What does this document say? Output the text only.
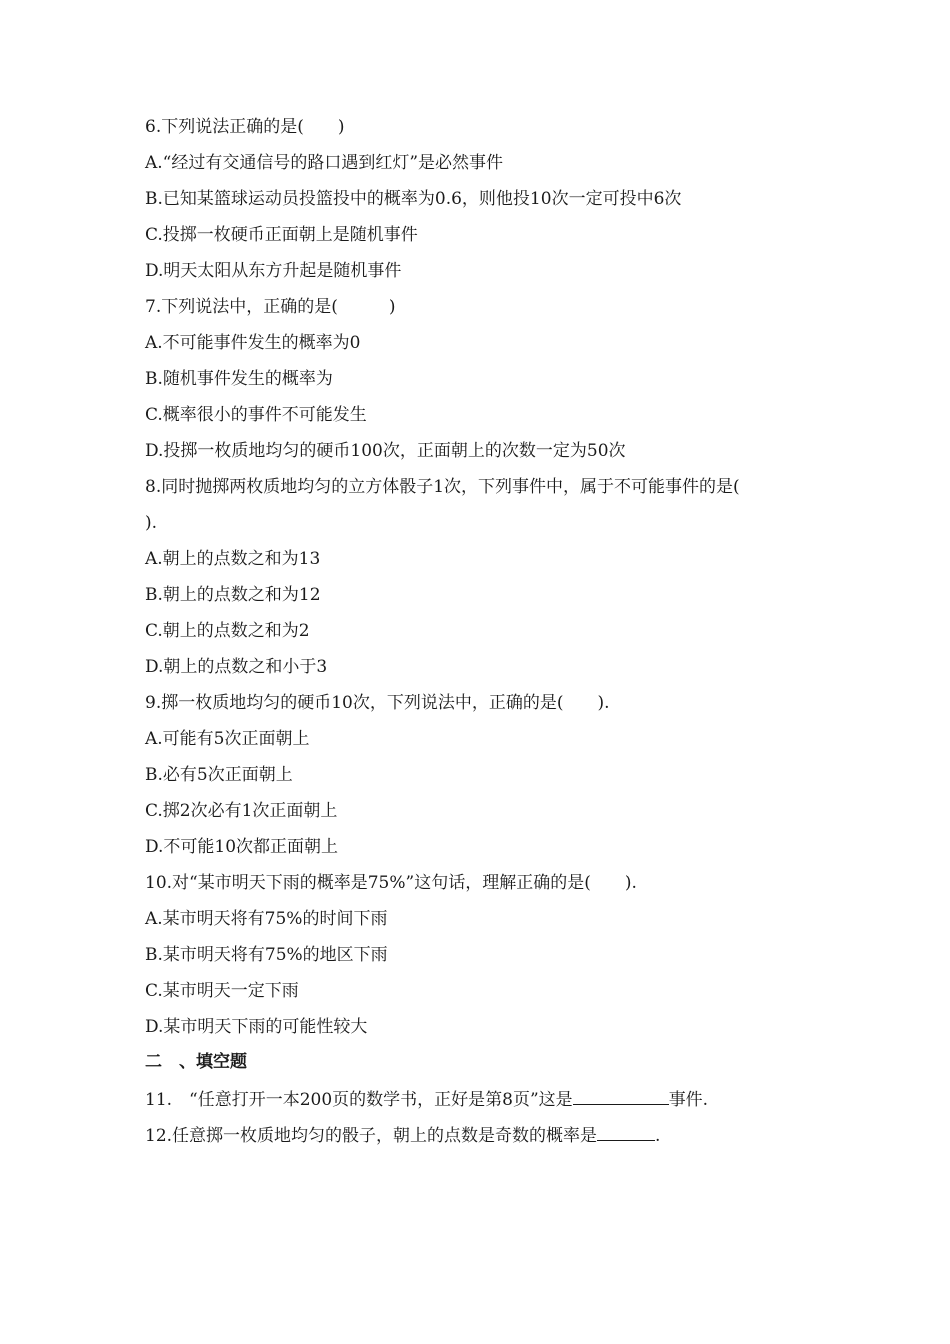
6.下列说法正确的是(　　)
A.“经过有交通信号的路口遇到红灯”是必然事件
B.已知某篮球运动员投篮投中的概率为0.6，则他投10次一定可投中6次
C.投掷一枚硬币正面朝上是随机事件
D.明天太阳从东方升起是随机事件
7.下列说法中，正确的是(　　　)
A.不可能事件发生的概率为0
B.随机事件发生的概率为
C.概率很小的事件不可能发生
D.投掷一枚质地均匀的硬币100次，正面朝上的次数一定为50次
8.同时抛掷两枚质地均匀的立方体骰子1次，下列事件中，属于不可能事件的是(
).
A.朝上的点数之和为13
B.朝上的点数之和为12
C.朝上的点数之和为2
D.朝上的点数之和小于3
9.掷一枚质地均匀的硬币10次，下列说法中，正确的是(　　).
A.可能有5次正面朝上
B.必有5次正面朝上
C.掷2次必有1次正面朝上
D.不可能10次都正面朝上
10.对“某市明天下雨的概率是75%”这句话，理解正确的是(　　).
A.某市明天将有75%的时间下雨
B.某市明天将有75%的地区下雨
C.某市明天一定下雨
D.某市明天下雨的可能性较大
二　、填空题
11.　“任意打开一本200页的数学书，正好是第8页”这是	事件.
12.任意掷一枚质地均匀的骰子，朝上的点数是奇数的概率是	.
